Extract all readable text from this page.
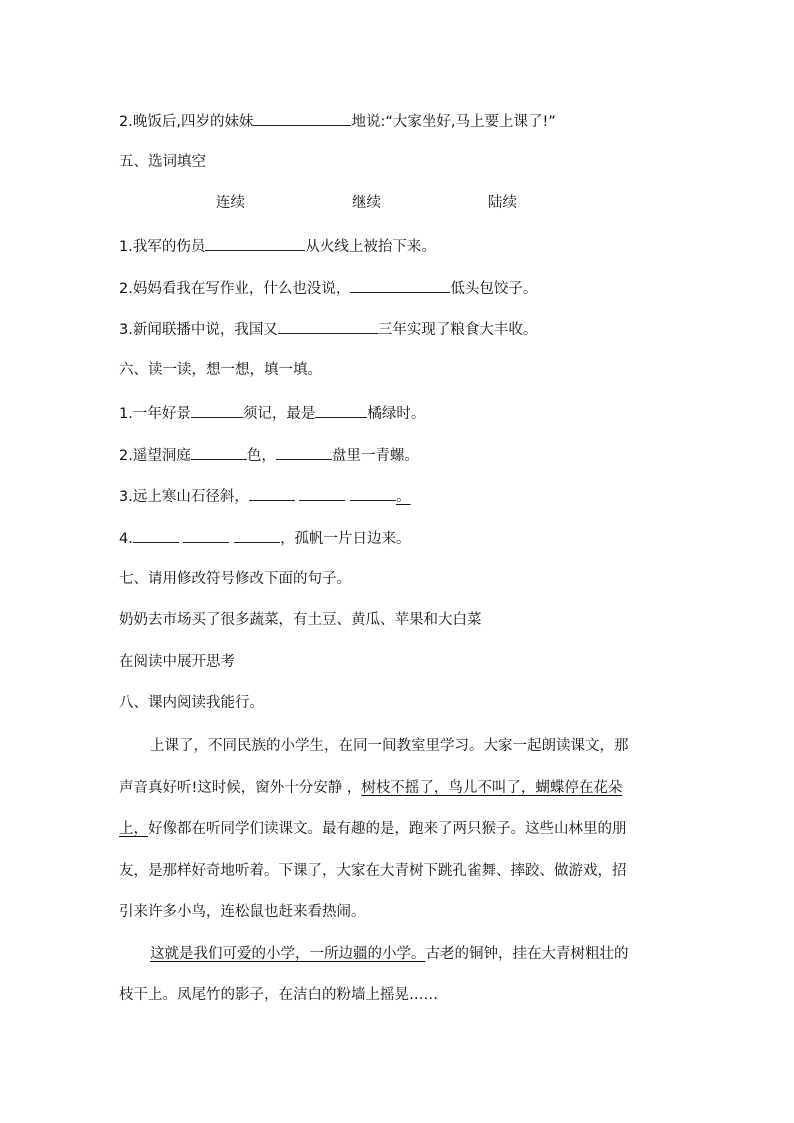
2.晚饭后,四岁的妹妹	地说:“大家坐好,马上要上课了!”
五、选词填空
连续	继续	陆续
1.我军的伤员	从火线上被抬下来。
2.妈妈看我在写作业，什么也没说，	低头包饺子。
3.新闻联播中说，我国又	三年实现了粮食大丰收。
六、读一读，想一想，填一填。
1.一年好景	须记，最是	橘绿时。
2.遥望洞庭	色，	盘里一青螺。
3.远上寒山石径斜，	。
4.	，孤帆一片日边来。
七、请用修改符号修改下面的句子。
奶奶去市场买了很多蔬菜，有土豆、黄瓜、苹果和大白菜
在阅读中展开思考
八、课内阅读我能行。
上课了，不同民族的小学生，在同一间教室里学习。大家一起朗读课文，那
声音真好听!这时候，窗外十分安静 ，树枝不摇了，鸟儿不叫了，蝴蝶停在花朵
上，好像都在听同学们读课文。最有趣的是，跑来了两只猴子。这些山林里的朋
友，是那样好奇地听着。下课了，大家在大青树下跳孔雀舞、摔跤、做游戏，招
引来许多小鸟，连松鼠也赶来看热闹。
这就是我们可爱的小学，一所边疆的小学。古老的铜钟，挂在大青树粗壮的
枝干上。凤尾竹的影子，在洁白的粉墙上摇晃……
